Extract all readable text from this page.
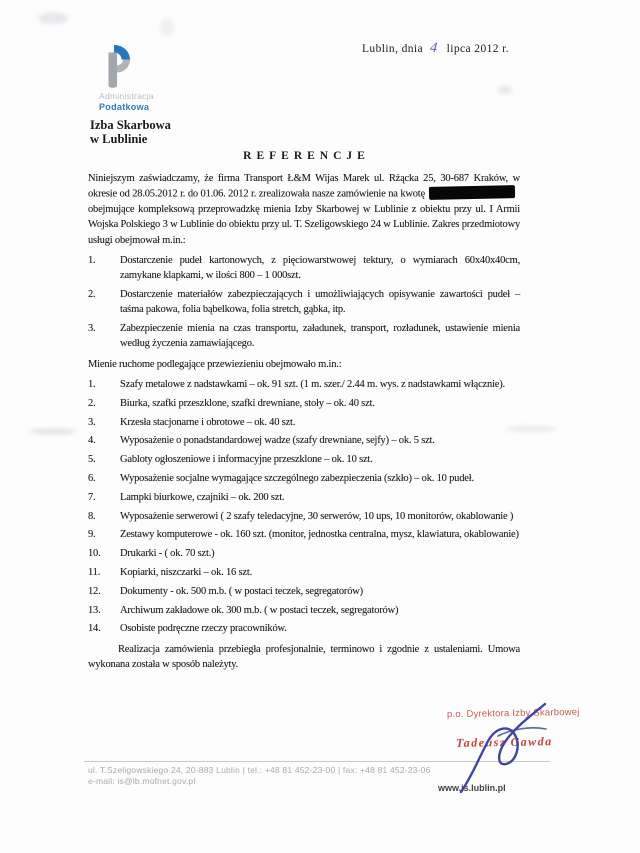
Lublin, dnia 4 lipca 2012 r.
Administracja
Podatkowa
Izba Skarbowa
w Lublinie
REFERENCJE

Niniejszym zaświadczamy, że firma Transport Ł&M Wijas Marek ul. Rżącka 25, 30-687 Kraków, w okresie od 28.05.2012 r. do 01.06. 2012 r. zrealizowała nasze zamówienie na kwotęobejmujące kompleksową przeprowadzkę mienia Izby Skarbowej w Lublinie z obiektu przy ul. I Armii Wojska Polskiego 3 w Lublinie do obiektu przy ul. T. Szeligowskiego 24 w Lublinie. Zakres przedmiotowy usługi obejmował m.in.:

1. Dostarczenie pudeł kartonowych, z pięciowarstwowej tektury, o wymiarach 60x40x40cm, zamykane klapkami, w ilości 800 – 1 000szt.
2. Dostarczenie materiałów zabezpieczających i umożliwiających opisywanie zawartości pudeł – taśma pakowa, folia bąbelkowa, folia stretch, gąbka, itp.
3. Zabezpieczenie mienia na czas transportu, załadunek, transport, rozładunek, ustawienie mienia według życzenia zamawiającego.

Mienie ruchome podlegające przewiezieniu obejmowało m.in.:

1. Szafy metalowe z nadstawkami – ok. 91 szt. (1 m. szer./ 2.44 m. wys. z nadstawkami włącznie).
2. Biurka, szafki przeszklone, szafki drewniane, stoły – ok. 40 szt.
3. Krzesła stacjonarne i obrotowe – ok. 40 szt.
4. Wyposażenie o ponadstandardowej wadze (szafy drewniane, sejfy) – ok. 5 szt.
5. Gabloty ogłoszeniowe i informacyjne przeszklone – ok. 10 szt.
6. Wyposażenie socjalne wymagające szczególnego zabezpieczenia (szkło) – ok. 10 pudeł.
7. Lampki biurkowe, czajniki – ok. 200 szt.
8. Wyposażenie serwerowi ( 2 szafy teledacyjne, 30 serwerów, 10 ups, 10 monitorów, okablowanie )
9. Zestawy komputerowe - ok. 160 szt. (monitor, jednostka centralna, mysz, klawiatura, okablowanie)
10. Drukarki - ( ok. 70 szt.)
11. Kopiarki, niszczarki – ok. 16 szt.
12. Dokumenty - ok. 500 m.b. ( w postaci teczek, segregatorów)
13. Archiwum zakładowe ok. 300 m.b. ( w postaci teczek, segregatorów)
14. Osobiste podręczne rzeczy pracowników.

Realizacja zamówienia przebiegła profesjonalnie, terminowo i zgodnie z ustaleniami. Umowa wykonana została w sposób należyty.

p.o. Dyrektora Izby Skarbowej
Tadeusz Gawda
ul. T.Szeligowskiego 24, 20-883 Lublin | tel.: +48 81 452-23-00 | fax: +48 81 452-23-06
e-mail: is@lb.mofnet.gov.pl
www.is.lublin.pl
